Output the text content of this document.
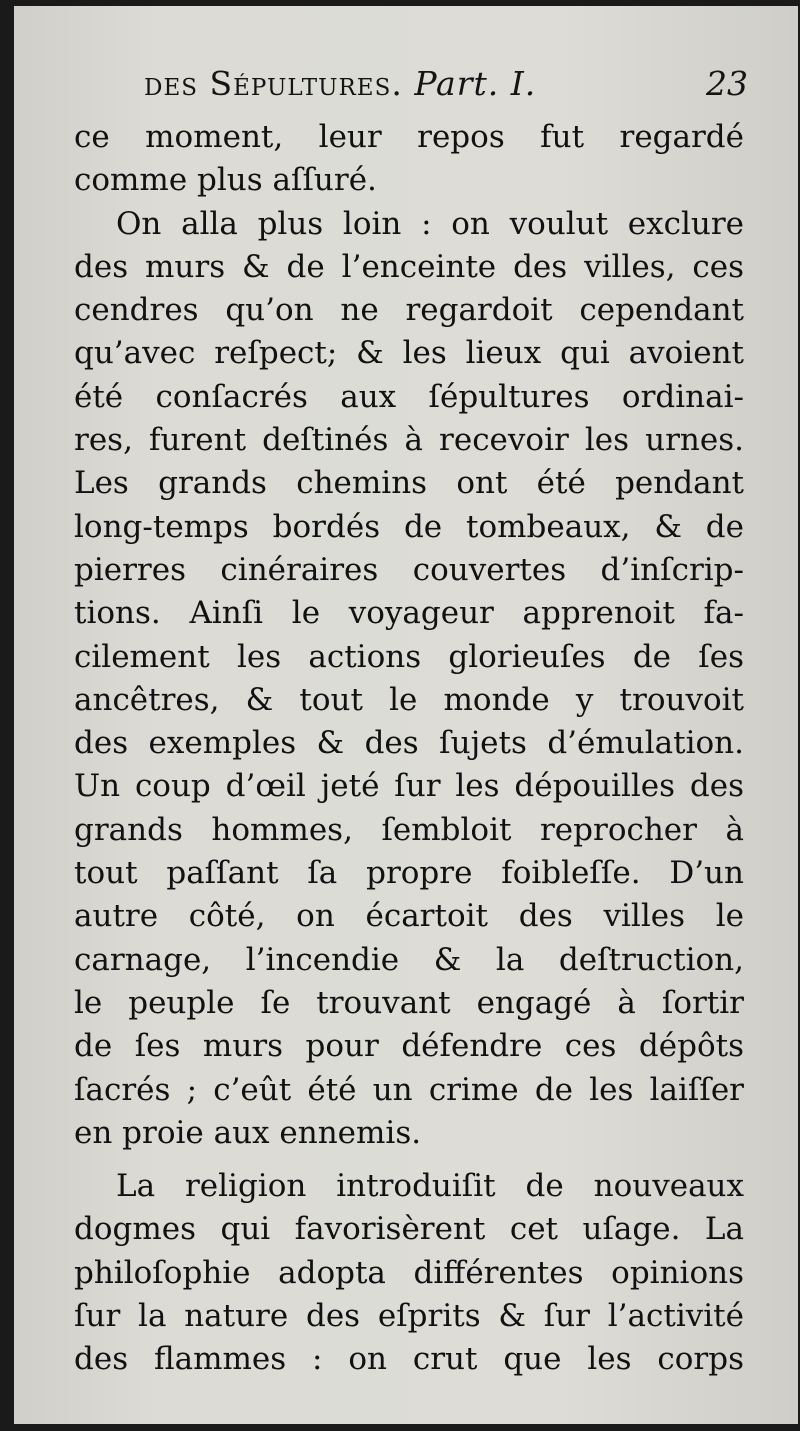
des Sépultures. Part. I.	23
ce moment, leur repos fut regardé
comme plus aſſuré.
On alla plus loin : on voulut exclure
des murs & de l’enceinte des villes, ces
cendres qu’on ne regardoit cependant
qu’avec reſpect; & les lieux qui avoient
été conſacrés aux ſépultures ordinai-
res, furent deſtinés à recevoir les urnes.
Les grands chemins ont été pendant
long-temps bordés de tombeaux, & de
pierres cinéraires couvertes d’inſcrip-
tions. Ainſi le voyageur apprenoit fa-
cilement les actions glorieuſes de ſes
ancêtres, & tout le monde y trouvoit
des exemples & des ſujets d’émulation.
Un coup d’œil jeté ſur les dépouilles des
grands hommes, ſembloit reprocher à
tout paſſant ſa propre foibleſſe. D’un
autre côté, on écartoit des villes le
carnage, l’incendie & la deſtruction,
le peuple ſe trouvant engagé à ſortir
de ſes murs pour défendre ces dépôts
ſacrés ; c’eût été un crime de les laiſſer
en proie aux ennemis.
La religion introduiſit de nouveaux
dogmes qui favorisèrent cet uſage. La
philoſophie adopta différentes opinions
ſur la nature des eſprits & ſur l’activité
des flammes : on crut que les corps
